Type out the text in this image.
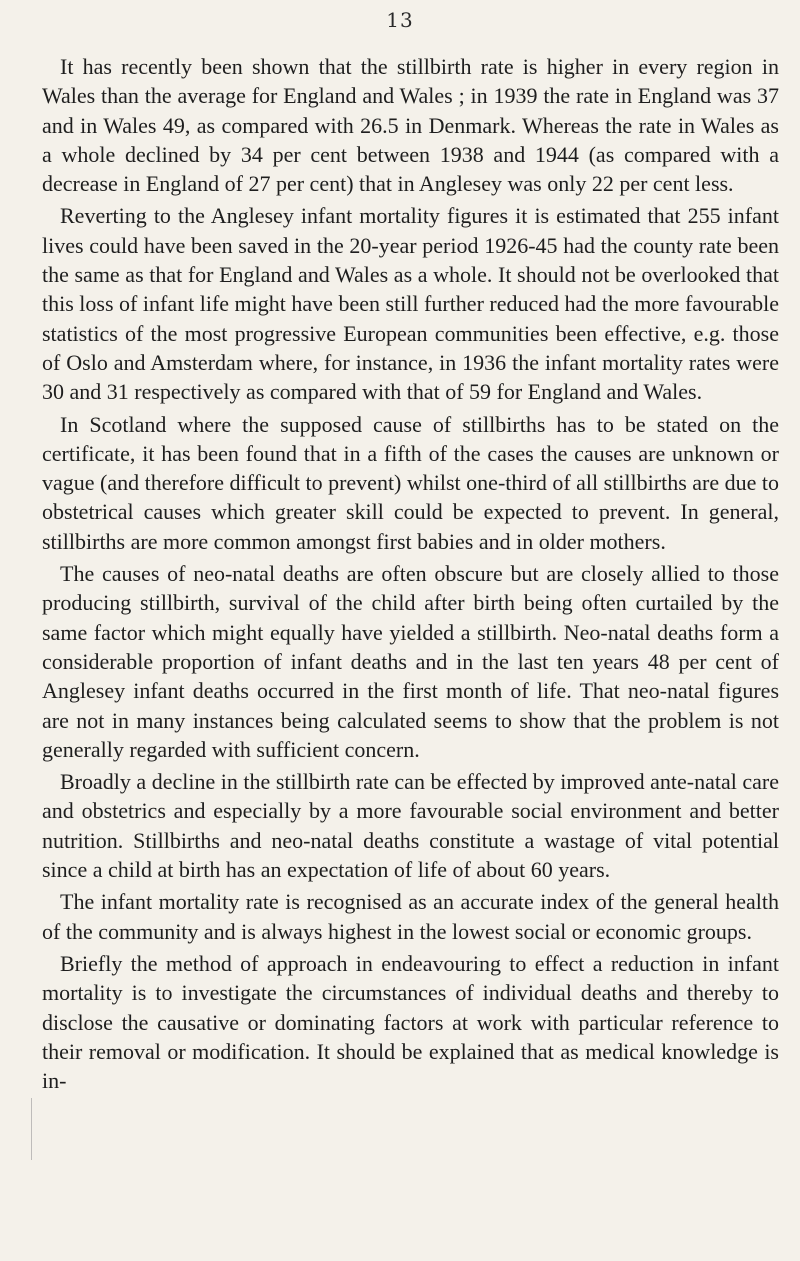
13

It has recently been shown that the stillbirth rate is higher in every region in Wales than the average for England and Wales ; in 1939 the rate in England was 37 and in Wales 49, as compared with 26.5 in Denmark. Whereas the rate in Wales as a whole declined by 34 per cent between 1938 and 1944 (as compared with a decrease in England of 27 per cent) that in Anglesey was only 22 per cent less.

Reverting to the Anglesey infant mortality figures it is estimated that 255 infant lives could have been saved in the 20-year period 1926-45 had the county rate been the same as that for England and Wales as a whole. It should not be overlooked that this loss of infant life might have been still further reduced had the more favourable statistics of the most progressive European communities been effective, e.g. those of Oslo and Amsterdam where, for instance, in 1936 the infant mortality rates were 30 and 31 respectively as compared with that of 59 for England and Wales.

In Scotland where the supposed cause of stillbirths has to be stated on the certificate, it has been found that in a fifth of the cases the causes are unknown or vague (and therefore difficult to prevent) whilst one-third of all stillbirths are due to obstetrical causes which greater skill could be expected to prevent. In general, stillbirths are more common amongst first babies and in older mothers.

The causes of neo-natal deaths are often obscure but are closely allied to those producing stillbirth, survival of the child after birth being often curtailed by the same factor which might equally have yielded a stillbirth. Neo-natal deaths form a considerable proportion of infant deaths and in the last ten years 48 per cent of Anglesey infant deaths occurred in the first month of life. That neo-natal figures are not in many instances being calculated seems to show that the problem is not generally regarded with sufficient concern.

Broadly a decline in the stillbirth rate can be effected by improved ante-natal care and obstetrics and especially by a more favourable social environment and better nutrition. Stillbirths and neo-natal deaths constitute a wastage of vital potential since a child at birth has an expectation of life of about 60 years.

The infant mortality rate is recognised as an accurate index of the general health of the community and is always highest in the lowest social or economic groups.

Briefly the method of approach in endeavouring to effect a reduction in infant mortality is to investigate the circumstances of individual deaths and thereby to disclose the causative or dominating factors at work with particular reference to their removal or modification. It should be explained that as medical knowledge is in-
